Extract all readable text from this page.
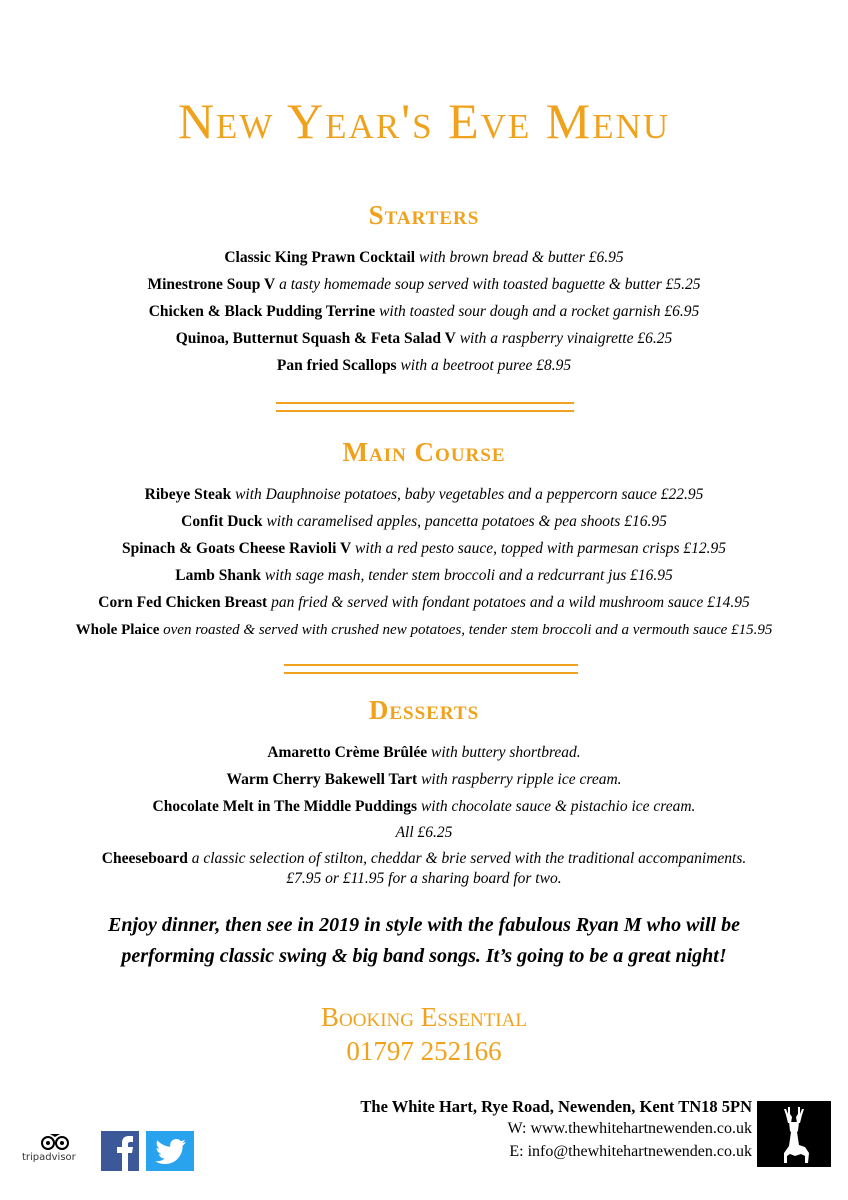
New Year's Eve Menu
Starters
Classic King Prawn Cocktail with brown bread & butter £6.95
Minestrone Soup V a tasty homemade soup served with toasted baguette & butter £5.25
Chicken & Black Pudding Terrine with toasted sour dough and a rocket garnish £6.95
Quinoa, Butternut Squash & Feta Salad V with a raspberry vinaigrette £6.25
Pan fried Scallops with a beetroot puree £8.95
Main Course
Ribeye Steak with Dauphnoise potatoes, baby vegetables and a peppercorn sauce £22.95
Confit Duck with caramelised apples, pancetta potatoes & pea shoots £16.95
Spinach & Goats Cheese Ravioli V with a red pesto sauce, topped with parmesan crisps £12.95
Lamb Shank with sage mash, tender stem broccoli and a redcurrant jus £16.95
Corn Fed Chicken Breast pan fried & served with fondant potatoes and a wild mushroom sauce £14.95
Whole Plaice oven roasted & served with crushed new potatoes, tender stem broccoli and a vermouth sauce £15.95
Desserts
Amaretto Crème Brûlée with buttery shortbread.
Warm Cherry Bakewell Tart with raspberry ripple ice cream.
Chocolate Melt in The Middle Puddings with chocolate sauce & pistachio ice cream.
All £6.25
Cheeseboard a classic selection of stilton, cheddar & brie served with the traditional accompaniments.
£7.95 or £11.95 for a sharing board for two.
Enjoy dinner, then see in 2019 in style with the fabulous Ryan M who will be
performing classic swing & big band songs. It’s going to be a great night!
Booking Essential
01797 252166
The White Hart, Rye Road, Newenden, Kent TN18 5PN
W: www.thewhitehartnewenden.co.uk
E: info@thewhitehartnewenden.co.uk
tripadvisor
